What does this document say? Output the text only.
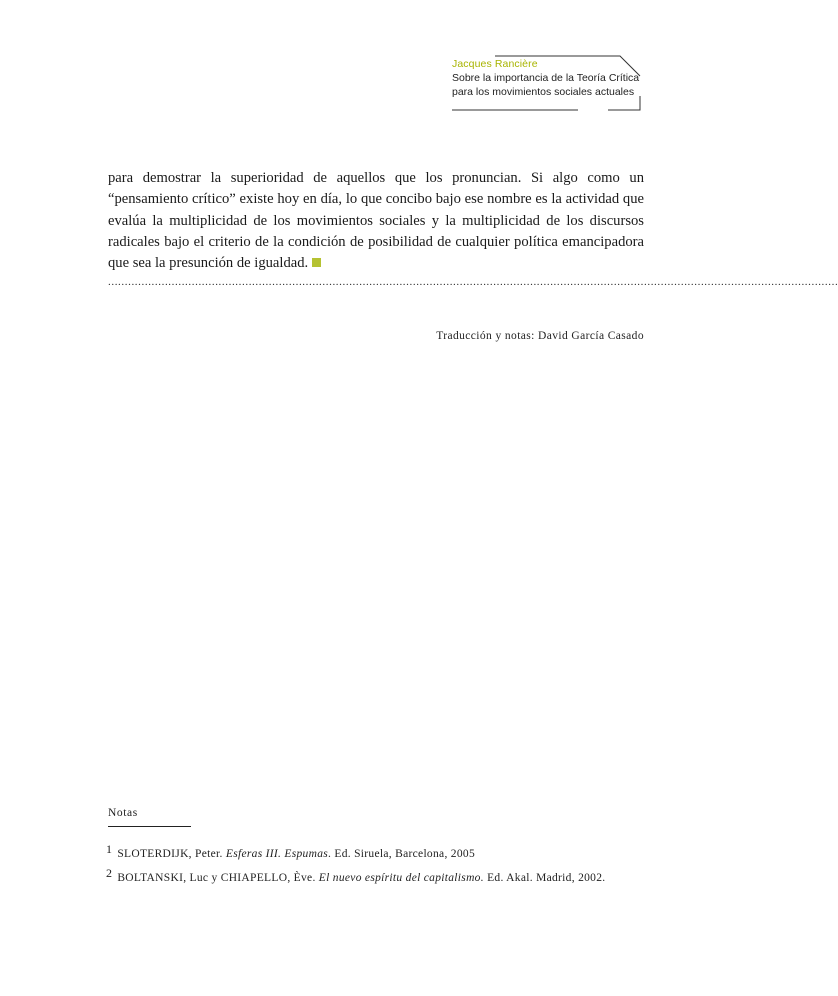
Jacques Rancière
Sobre la importancia de la Teoría Crítica
para los movimientos sociales actuales
para demostrar la superioridad de aquellos que los pronuncian. Si algo como un “pensamiento crítico” existe hoy en día, lo que concibo bajo ese nombre es la actividad que evalúa la multiplicidad de los movimientos sociales y la multiplicidad de los discursos radicales bajo el criterio de la condición de posibilidad de cualquier política emancipadora que sea la presunción de igualdad.
..........................................................................................................................................................................................................................
Traducción y notas: David García Casado
Notas
$^1$ SLOTERDIJK, Peter. Esferas III. Espumas. Ed. Siruela, Barcelona, 2005
$^2$ BOLTANSKI, Luc y CHIAPELLO, Ève. El nuevo espíritu del capitalismo. Ed. Akal. Madrid, 2002.
